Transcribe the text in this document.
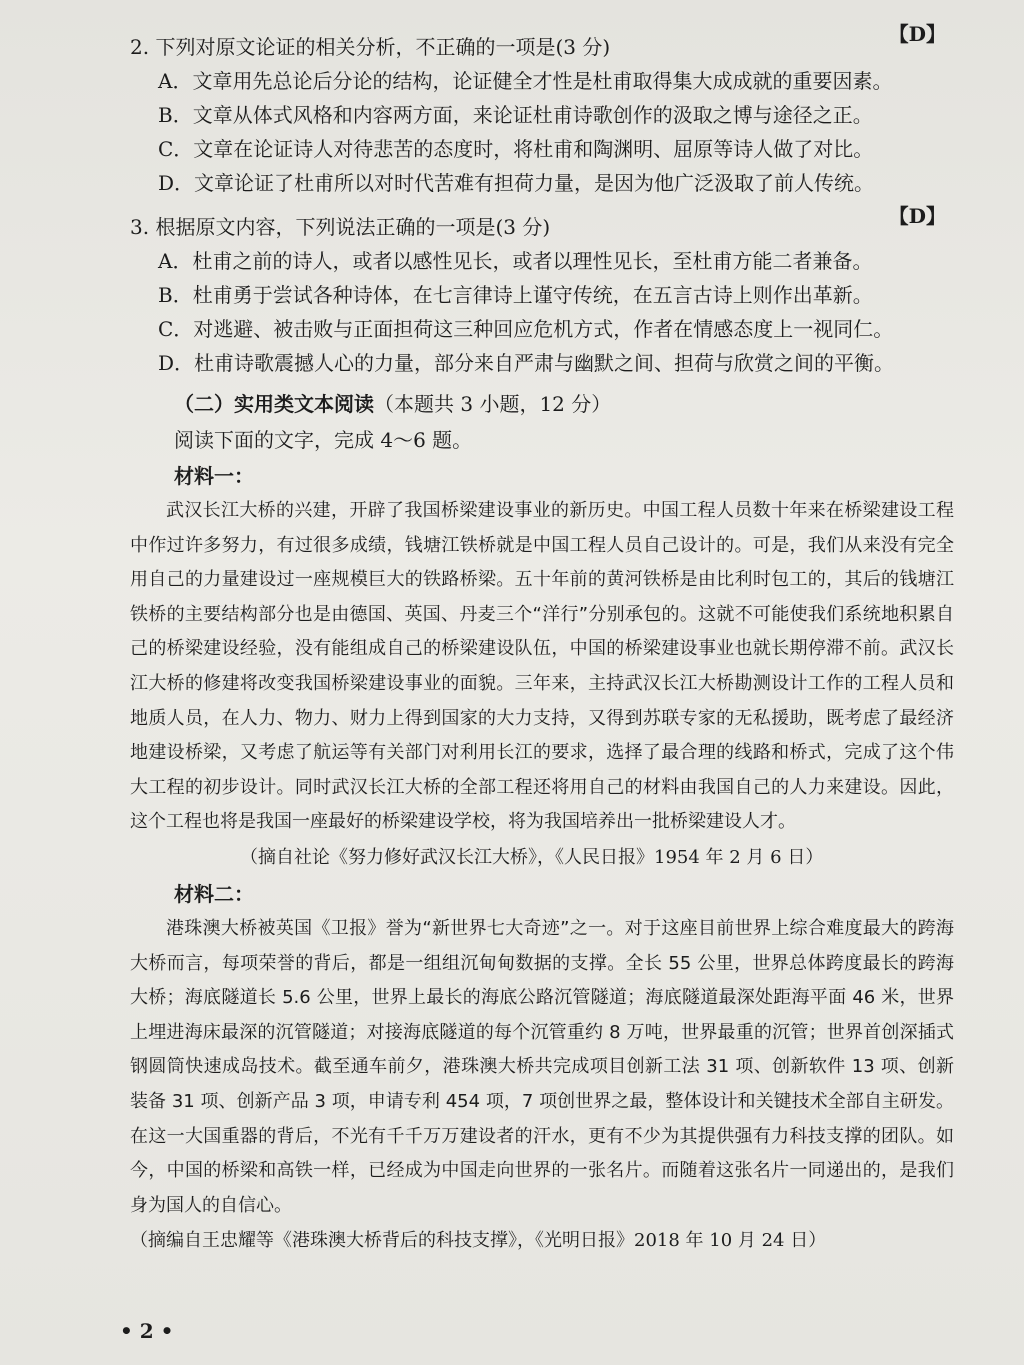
【D】

2. 下列对原文论证的相关分析，不正确的一项是(3 分)

A．文章用先总论后分论的结构，论证健全才性是杜甫取得集大成成就的重要因素。

B．文章从体式风格和内容两方面，来论证杜甫诗歌创作的汲取之博与途径之正。

C．文章在论证诗人对待悲苦的态度时，将杜甫和陶渊明、屈原等诗人做了对比。

D．文章论证了杜甫所以对时代苦难有担荷力量，是因为他广泛汲取了前人传统。

【D】

3. 根据原文内容，下列说法正确的一项是(3 分)

A．杜甫之前的诗人，或者以感性见长，或者以理性见长，至杜甫方能二者兼备。

B．杜甫勇于尝试各种诗体，在七言律诗上谨守传统，在五言古诗上则作出革新。

C．对逃避、被击败与正面担荷这三种回应危机方式，作者在情感态度上一视同仁。

D．杜甫诗歌震撼人心的力量，部分来自严肃与幽默之间、担荷与欣赏之间的平衡。

（二）实用类文本阅读（本题共 3 小题，12 分）

阅读下面的文字，完成 4～6 题。

材料一：

武汉长江大桥的兴建，开辟了我国桥梁建设事业的新历史。中国工程人员数十年来在桥梁建设工程中作过许多努力，有过很多成绩，钱塘江铁桥就是中国工程人员自己设计的。可是，我们从来没有完全用自己的力量建设过一座规模巨大的铁路桥梁。五十年前的黄河铁桥是由比利时包工的，其后的钱塘江铁桥的主要结构部分也是由德国、英国、丹麦三个“洋行”分别承包的。这就不可能使我们系统地积累自己的桥梁建设经验，没有能组成自己的桥梁建设队伍，中国的桥梁建设事业也就长期停滞不前。武汉长江大桥的修建将改变我国桥梁建设事业的面貌。三年来，主持武汉长江大桥勘测设计工作的工程人员和地质人员，在人力、物力、财力上得到国家的大力支持，又得到苏联专家的无私援助，既考虑了最经济地建设桥梁，又考虑了航运等有关部门对利用长江的要求，选择了最合理的线路和桥式，完成了这个伟大工程的初步设计。同时武汉长江大桥的全部工程还将用自己的材料由我国自己的人力来建设。因此，这个工程也将是我国一座最好的桥梁建设学校，将为我国培养出一批桥梁建设人才。

（摘自社论《努力修好武汉长江大桥》，《人民日报》1954 年 2 月 6 日）

材料二：

港珠澳大桥被英国《卫报》誉为“新世界七大奇迹”之一。对于这座目前世界上综合难度最大的跨海大桥而言，每项荣誉的背后，都是一组组沉甸甸数据的支撑。全长 55 公里，世界总体跨度最长的跨海大桥；海底隧道长 5.6 公里，世界上最长的海底公路沉管隧道；海底隧道最深处距海平面 46 米，世界上埋进海床最深的沉管隧道；对接海底隧道的每个沉管重约 8 万吨，世界最重的沉管；世界首创深插式钢圆筒快速成岛技术。截至通车前夕，港珠澳大桥共完成项目创新工法 31 项、创新软件 13 项、创新装备 31 项、创新产品 3 项，申请专利 454 项，7 项创世界之最，整体设计和关键技术全部自主研发。在这一大国重器的背后，不光有千千万万建设者的汗水，更有不少为其提供强有力科技支撑的团队。如今，中国的桥梁和高铁一样，已经成为中国走向世界的一张名片。而随着这张名片一同递出的，是我们身为国人的自信心。

（摘编自王忠耀等《港珠澳大桥背后的科技支撑》，《光明日报》2018 年 10 月 24 日）

• 2 •
